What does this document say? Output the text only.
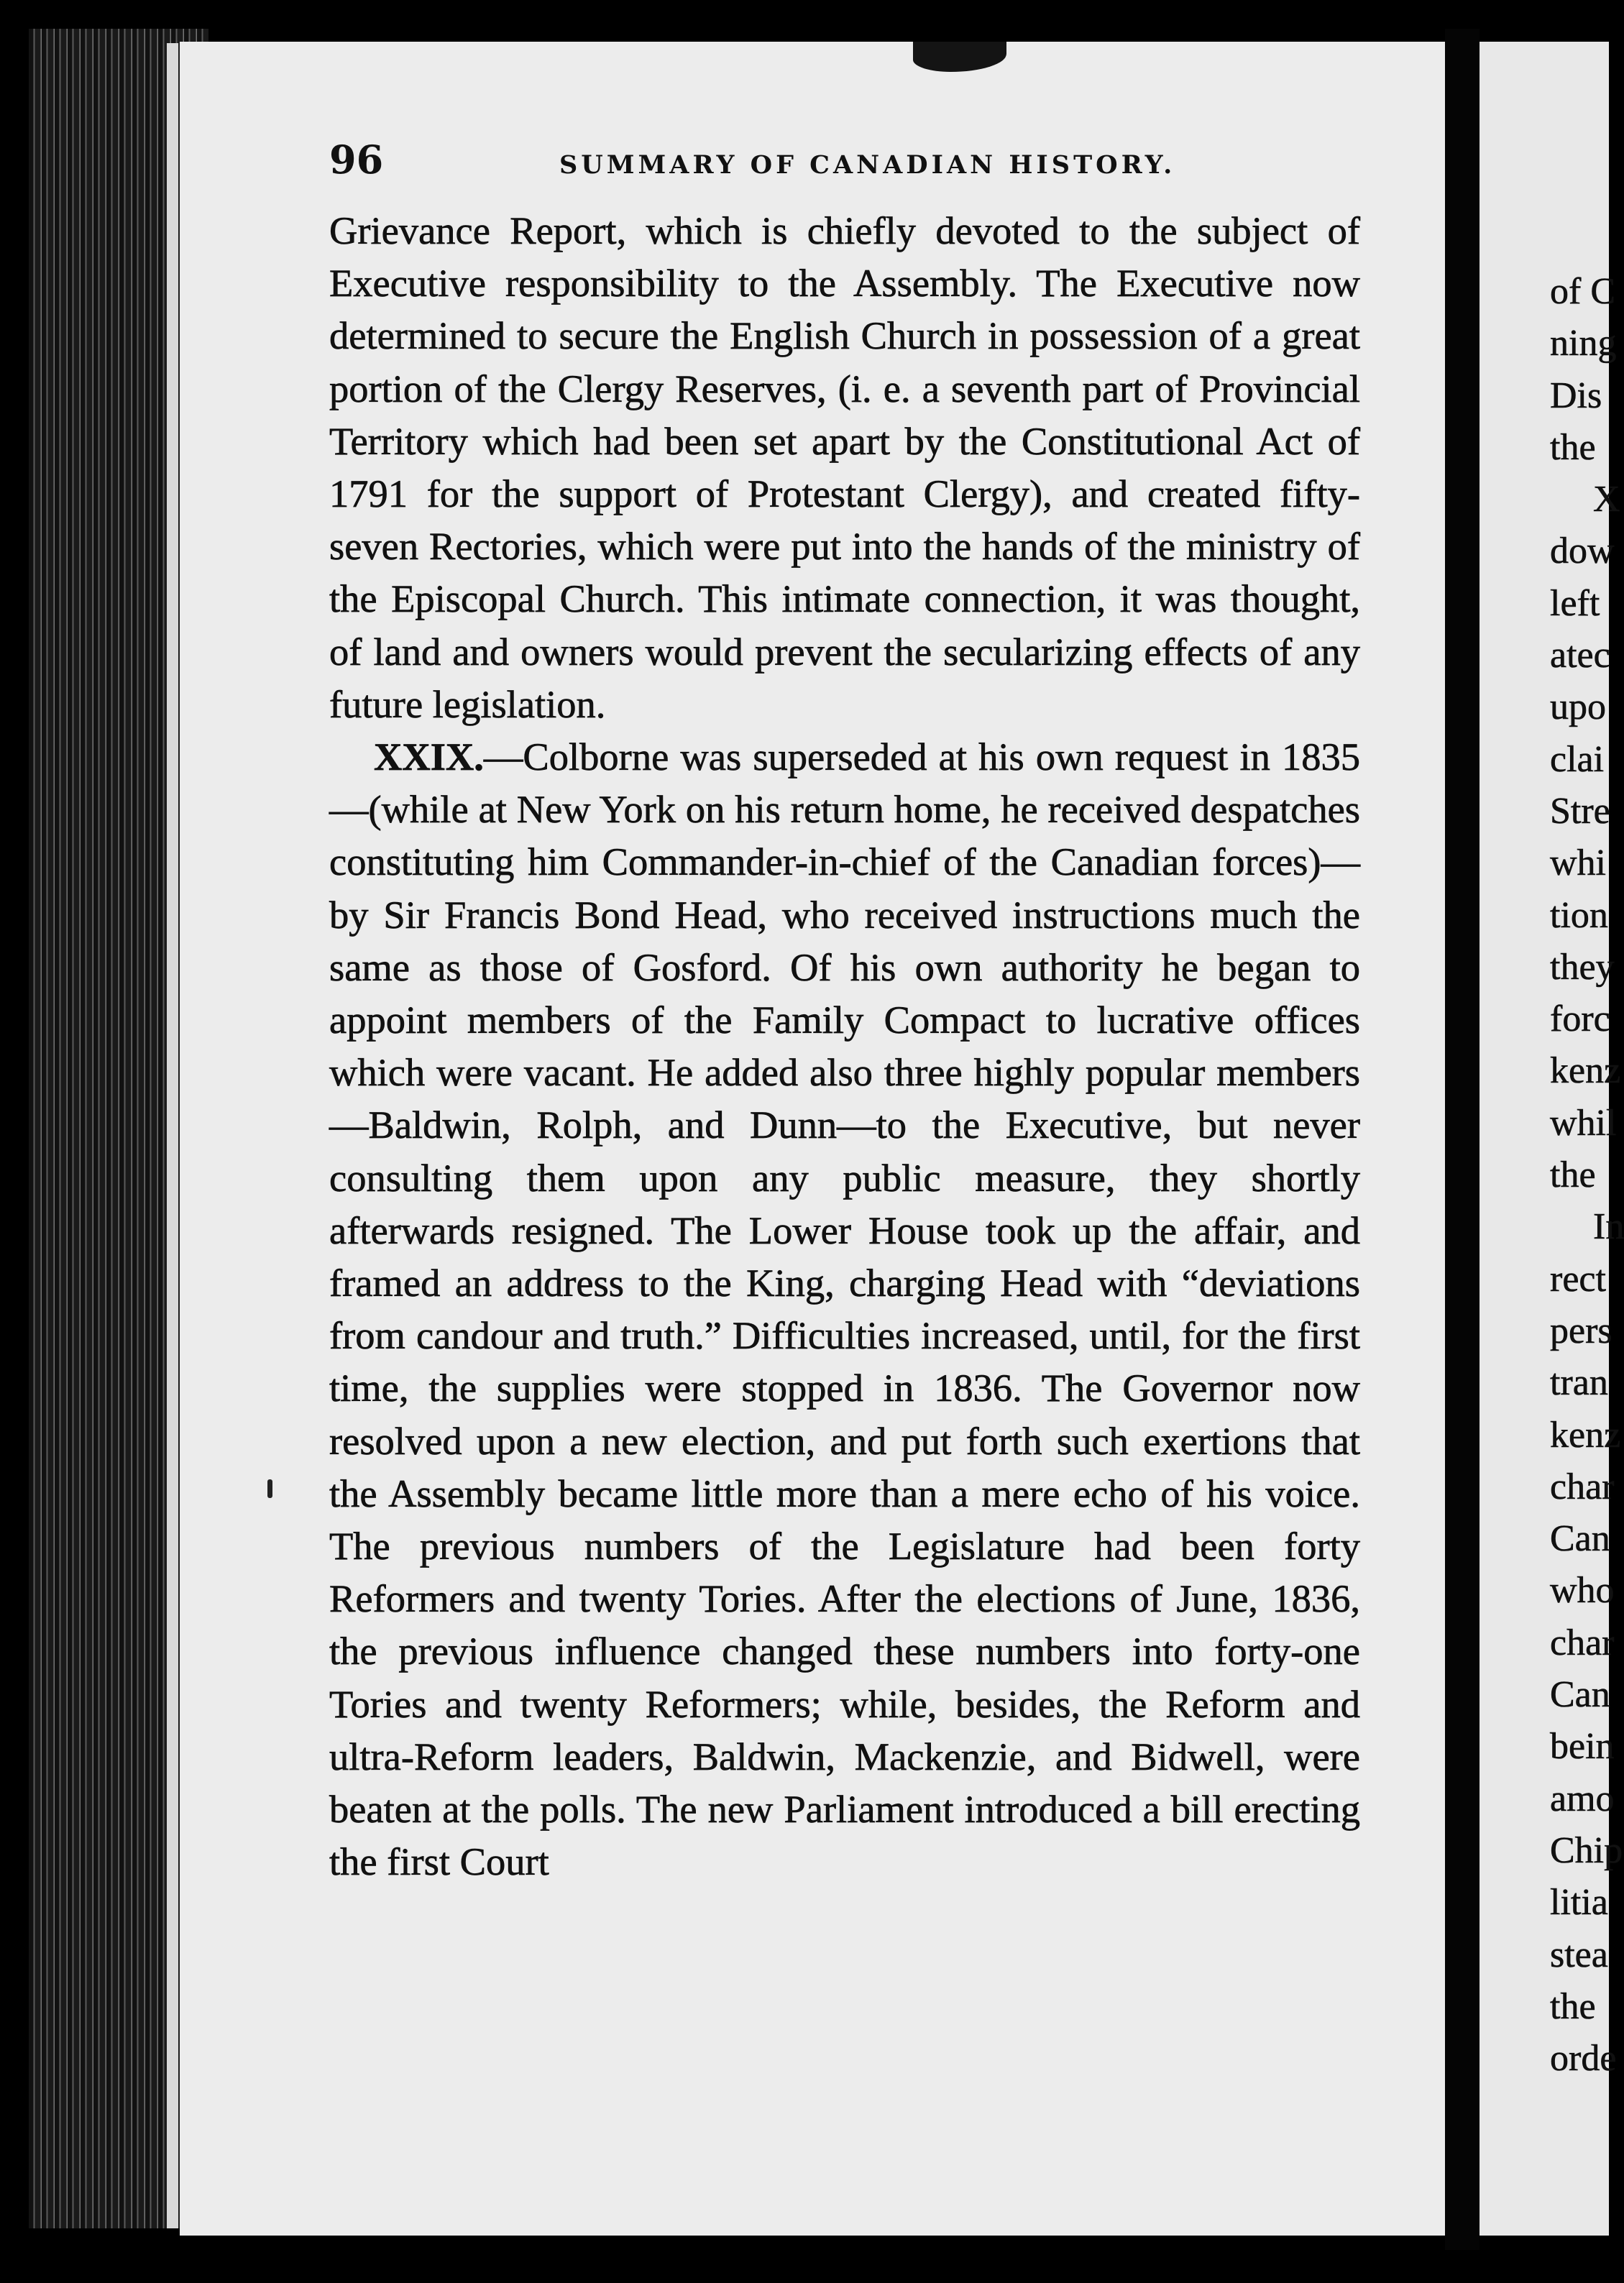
96	SUMMARY OF CANADIAN HISTORY.

Grievance Report, which is chiefly devoted to the subject of Executive responsibility to the Assembly. The Executive now determined to secure the English Church in possession of a great portion of the Clergy Reserves, (i. e. a seventh part of Provincial Territory which had been set apart by the Constitutional Act of 1791 for the support of Protestant Clergy), and created fifty-seven Rectories, which were put into the hands of the ministry of the Episcopal Church. This intimate connection, it was thought, of land and owners would prevent the secularizing effects of any future legislation.

XXIX.—Colborne was superseded at his own request in 1835—(while at New York on his return home, he received despatches constituting him Commander-in-chief of the Canadian forces)—by Sir Francis Bond Head, who received instructions much the same as those of Gosford. Of his own authority he began to appoint members of the Family Compact to lucrative offices which were vacant. He added also three highly popular members—Baldwin, Rolph, and Dunn—to the Executive, but never consulting them upon any public measure, they shortly afterwards resigned. The Lower House took up the affair, and framed an address to the King, charging Head with “deviations from candour and truth.” Difficulties increased, until, for the first time, the supplies were stopped in 1836. The Governor now resolved upon a new election, and put forth such exertions that the Assembly became little more than a mere echo of his voice. The previous numbers of the Legislature had been forty Reformers and twenty Tories. After the elections of June, 1836, the previous influence changed these numbers into forty-one Tories and twenty Reformers; while, besides, the Reform and ultra-Reform leaders, Baldwin, Mackenzie, and Bidwell, were beaten at the polls. The new Parliament introduced a bill erecting the first Court

of C
ning
Dis
the
X
dow
left
atec
upo
clai
Stre
whi
tion
they
forc
kenz
whil
the
In
rect
pers
tran
kenz
char
Can
who
char
Can
bein
amo
Chip
litia
stea
the
orde
